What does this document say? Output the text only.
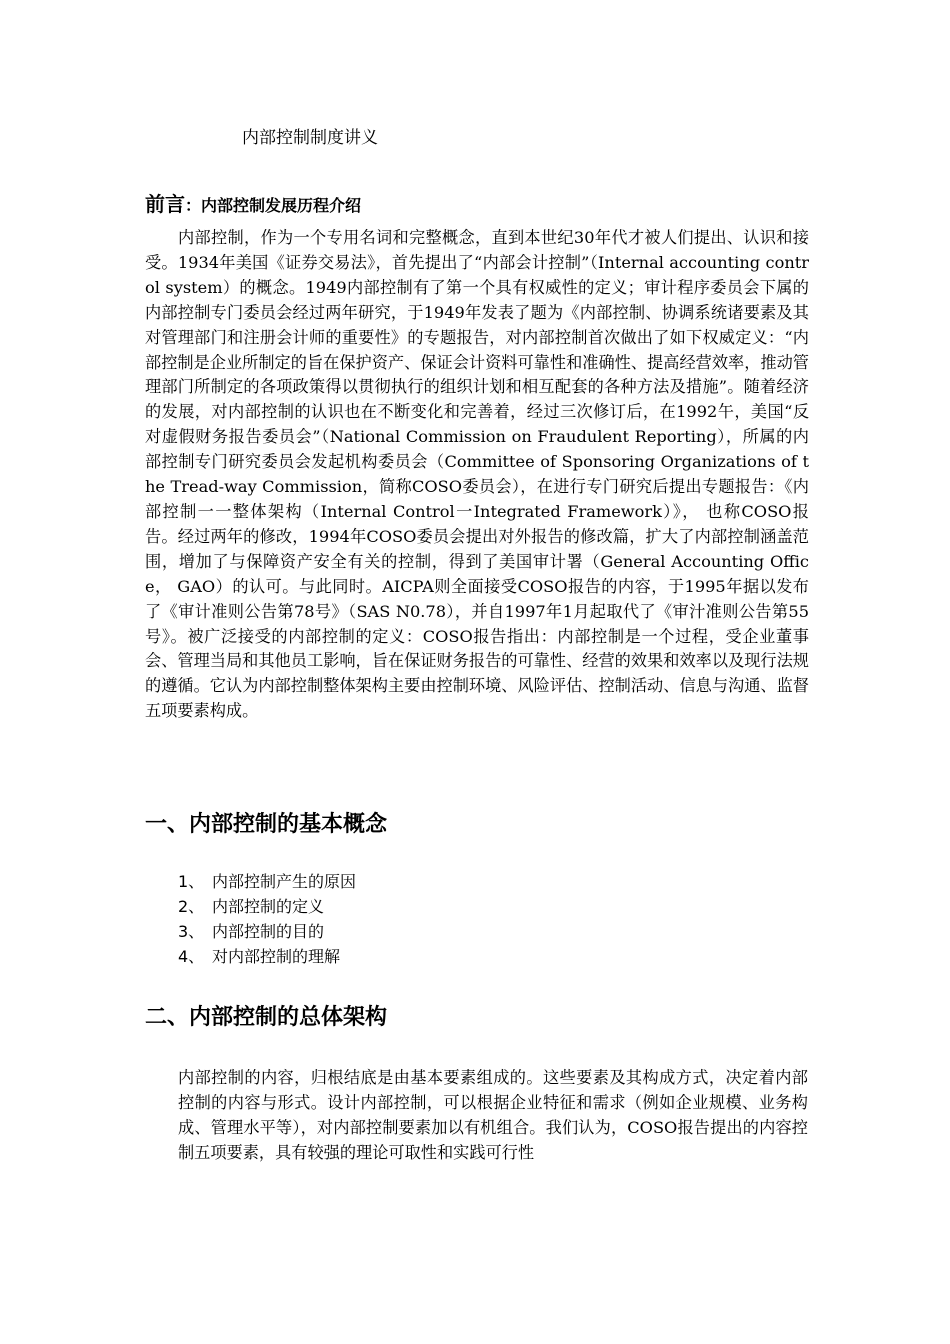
内部控制制度讲义
前言：内部控制发展历程介绍

内部控制，作为一个专用名词和完整概念，直到本世纪30年代才被人们提出、认识和接受。1934年美国《证券交易法》，首先提出了“内部会计控制”（Internal accounting control system）的概念。1949内部控制有了第一个具有权威性的定义；审计程序委员会下属的内部控制专门委员会经过两年研究，于1949年发表了题为《内部控制、协调系统诸要素及其对管理部门和注册会计师的重要性》的专题报告，对内部控制首次做出了如下权威定义：“内部控制是企业所制定的旨在保护资产、保证会计资料可靠性和准确性、提高经营效率，推动管理部门所制定的各项政策得以贯彻执行的组织计划和相互配套的各种方法及措施”。随着经济的发展，对内部控制的认识也在不断变化和完善着，经过三次修订后，在1992午，美国“反对虚假财务报告委员会”（National Commission on Fraudulent Reporting），所属的内部控制专门研究委员会发起机构委员会（Committee of Sponsoring Organizations of the Tread-way Commission，简称COSO委员会），在进行专门研究后提出专题报告：《内部控制一一整体架构（Internal Control一Integrated Framework）》， 也称COSO报告。经过两年的修改，1994年COSO委员会提出对外报告的修改篇，扩大了内部控制涵盖范围，增加了与保障资产安全有关的控制，得到了美国审计署（General Accounting Office， GAO）的认可。与此同时。AICPA则全面接受COSO报告的内容，于1995年据以发布了《审计准则公告第78号》（SAS N0.78），并自1997年1月起取代了《审汁准则公告第55号》。被广泛接受的内部控制的定义：COSO报告指出：内部控制是一个过程，受企业董事会、管理当局和其他员工影响，旨在保证财务报告的可靠性、经营的效果和效率以及现行法规的遵循。它认为内部控制整体架构主要由控制环境、风险评估、控制活动、信息与沟通、监督五项要素构成。

一、内部控制的基本概念
1、 内部控制产生的原因
2、 内部控制的定义
3、 内部控制的目的
4、 对内部控制的理解
二、内部控制的总体架构

内部控制的内容，归根结底是由基本要素组成的。这些要素及其构成方式，决定着内部控制的内容与形式。设计内部控制，可以根据企业特征和需求（例如企业规模、业务构成、管理水平等），对内部控制要素加以有机组合。我们认为，COSO报告提出的内容控制五项要素，具有较强的理论可取性和实践可行性
